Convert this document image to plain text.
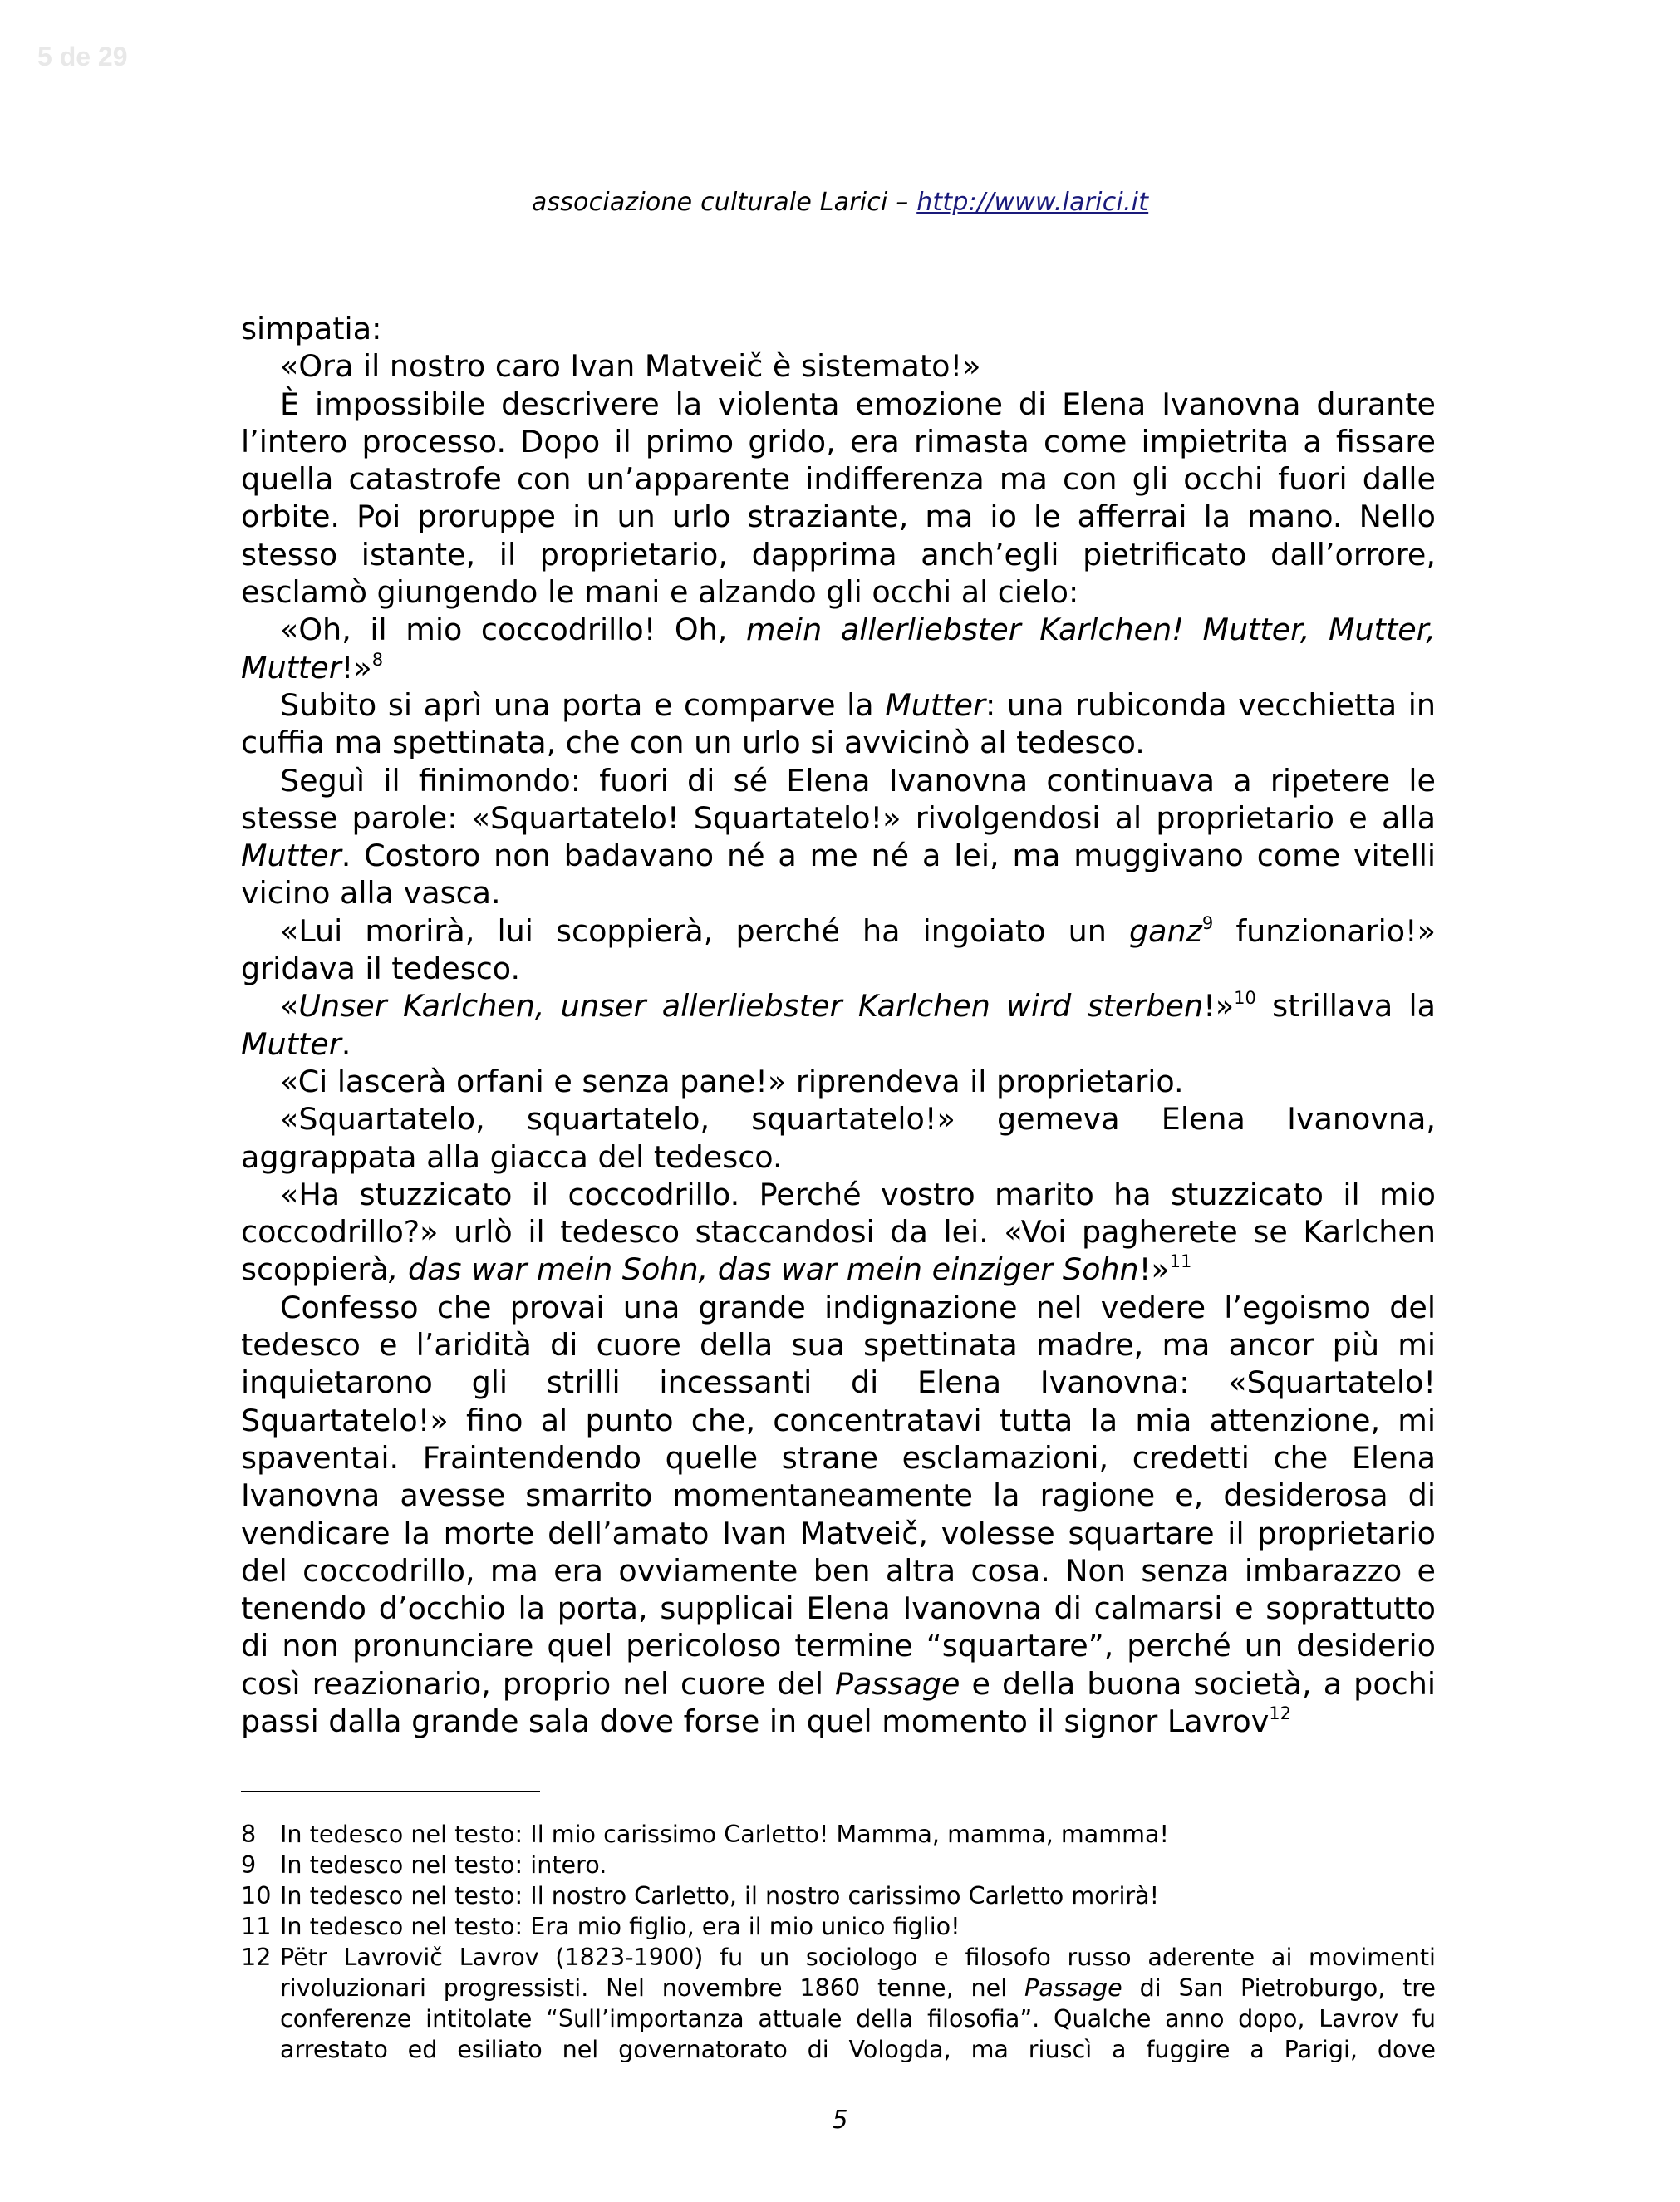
5 de 29
associazione culturale Larici – http://www.larici.it

simpatia:

«Ora il nostro caro Ivan Matveič è sistemato!»

È impossibile descrivere la violenta emozione di Elena Ivanovna durante l’intero processo. Dopo il primo grido, era rimasta come impietrita a fissare quella catastrofe con un’apparente indifferenza ma con gli occhi fuori dalle orbite. Poi proruppe in un urlo straziante, ma io le afferrai la mano. Nello stesso istante, il proprietario, dapprima anch’egli pietrificato dall’orrore, esclamò giungendo le mani e alzando gli occhi al cielo:

«Oh, il mio coccodrillo! Oh, mein allerliebster Karlchen! Mutter, Mutter, Mutter!»$^8$

Subito si aprì una porta e comparve la Mutter: una rubiconda vecchietta in cuffia ma spettinata, che con un urlo si avvicinò al tedesco.

Seguì il finimondo: fuori di sé Elena Ivanovna continuava a ripetere le stesse parole: «Squartatelo! Squartatelo!» rivolgendosi al proprietario e alla Mutter. Costoro non badavano né a me né a lei, ma muggivano come vitelli vicino alla vasca.

«Lui morirà, lui scoppierà, perché ha ingoiato un ganz$^9$ funzionario!» gridava il tedesco.

«Unser Karlchen, unser allerliebster Karlchen wird sterben!»$^{10}$ strillava la Mutter.

«Ci lascerà orfani e senza pane!» riprendeva il proprietario.

«Squartatelo, squartatelo, squartatelo!» gemeva Elena Ivanovna, aggrappata alla giacca del tedesco.

«Ha stuzzicato il coccodrillo. Perché vostro marito ha stuzzicato il mio coccodrillo?» urlò il tedesco staccandosi da lei. «Voi pagherete se Karlchen scoppierà, das war mein Sohn, das war mein einziger Sohn!»$^{11}$

Confesso che provai una grande indignazione nel vedere l’egoismo del tedesco e l’aridità di cuore della sua spettinata madre, ma ancor più mi inquietarono gli strilli incessanti di Elena Ivanovna: «Squartatelo! Squartatelo!» fino al punto che, concentratavi tutta la mia attenzione, mi spaventai. Fraintendendo quelle strane esclamazioni, credetti che Elena Ivanovna avesse smarrito momentaneamente la ragione e, desiderosa di vendicare la morte dell’amato Ivan Matveič, volesse squartare il proprietario del coccodrillo, ma era ovviamente ben altra cosa. Non senza imbarazzo e tenendo d’occhio la porta, supplicai Elena Ivanovna di calmarsi e soprattutto di non pronunciare quel pericoloso termine “squartare”, perché un desiderio così reazionario, proprio nel cuore del Passage e della buona società, a pochi passi dalla grande sala dove forse in quel momento il signor Lavrov$^{12}$

8	In tedesco nel testo: Il mio carissimo Carletto! Mamma, mamma, mamma!
9	In tedesco nel testo: intero.
10 In tedesco nel testo: Il nostro Carletto, il nostro carissimo Carletto morirà!
11 In tedesco nel testo: Era mio figlio, era il mio unico figlio!
12 Pëtr Lavrovič Lavrov (1823-1900) fu un sociologo e filosofo russo aderente ai movimenti rivoluzionari progressisti. Nel novembre 1860 tenne, nel Passage di San Pietroburgo, tre conferenze intitolate “Sull’importanza attuale della filosofia”. Qualche anno dopo, Lavrov fu arrestato ed esiliato nel governatorato di Vologda, ma riuscì a fuggire a Parigi, dove
5
